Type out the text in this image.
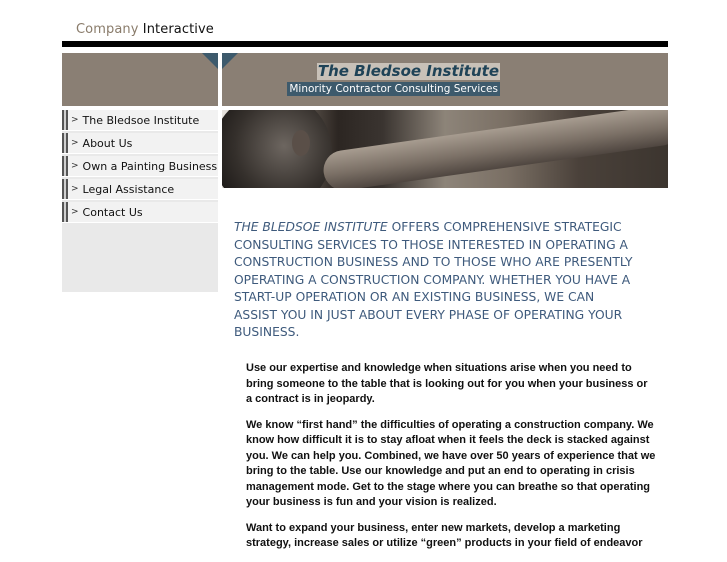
Company Interactive
The Bledsoe Institute
Minority Contractor Consulting Services
> The Bledsoe Institute
> About Us
> Own a Painting Business
> Legal Assistance
> Contact Us
THE BLEDSOE INSTITUTE OFFERS COMPREHENSIVE STRATEGIC CONSULTING SERVICES TO THOSE INTERESTED IN OPERATING A CONSTRUCTION BUSINESS AND TO THOSE WHO ARE PRESENTLY OPERATING A CONSTRUCTION COMPANY. WHETHER YOU HAVE A START-UP OPERATION OR AN EXISTING BUSINESS, WE CAN ASSIST YOU IN JUST ABOUT EVERY PHASE OF OPERATING YOUR BUSINESS.

Use our expertise and knowledge when situations arise when you need to bring someone to the table that is looking out for you when your business or a contract is in jeopardy.

We know “first hand” the difficulties of operating a construction company. We know how difficult it is to stay afloat when it feels the deck is stacked against you. We can help you. Combined, we have over 50 years of experience that we bring to the table. Use our knowledge and put an end to operating in crisis management mode. Get to the stage where you can breathe so that operating your business is fun and your vision is realized.

Want to expand your business, enter new markets, develop a marketing strategy, increase sales or utilize “green” products in your field of endeavor
